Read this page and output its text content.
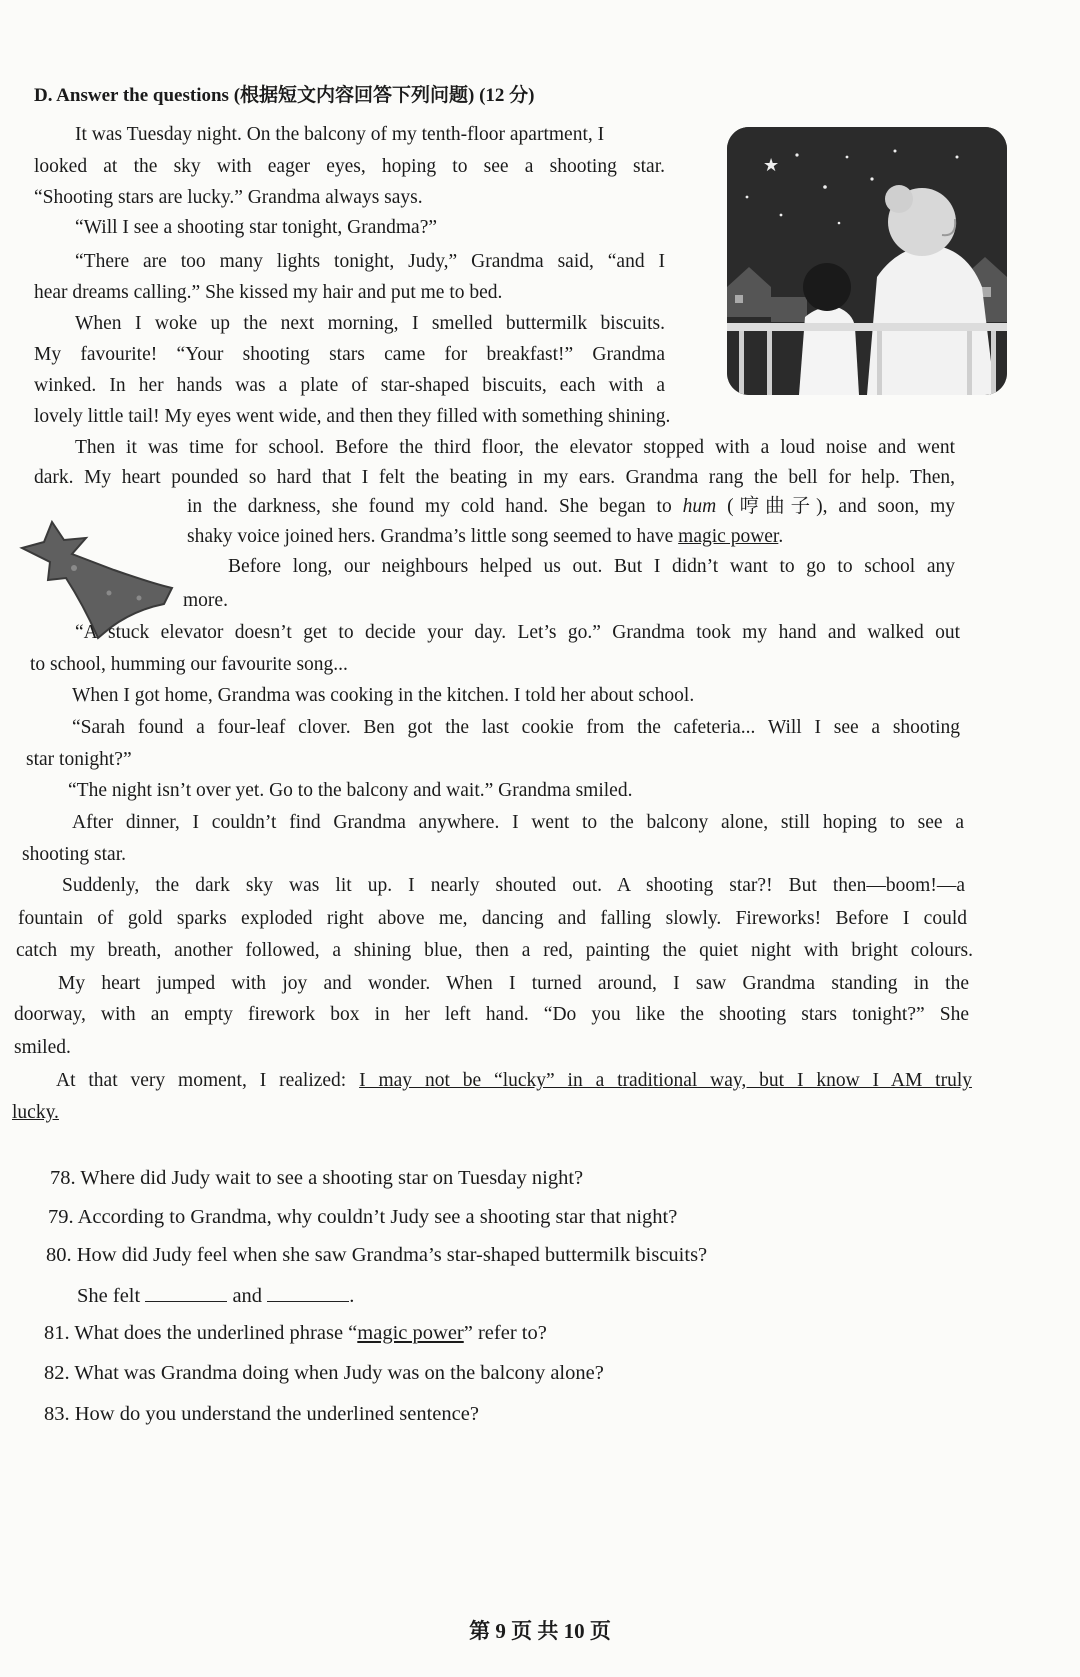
D. Answer the questions (根据短文内容回答下列问题) (12 分)
★

It was Tuesday night. On the balcony of my tenth-floor apartment, I

looked at the sky with eager eyes, hoping to see a shooting star.

“Shooting stars are lucky.” Grandma always says.

“Will I see a shooting star tonight, Grandma?”

“There are too many lights tonight, Judy,” Grandma said, “and I

hear dreams calling.” She kissed my hair and put me to bed.

When I woke up the next morning, I smelled buttermilk biscuits.

My favourite! “Your shooting stars came for breakfast!” Grandma

winked. In her hands was a plate of star-shaped biscuits, each with a

lovely little tail! My eyes went wide, and then they filled with something shining.

Then it was time for school. Before the third floor, the elevator stopped with a loud noise and went

dark. My heart pounded so hard that I felt the beating in my ears. Grandma rang the bell for help. Then,

in the darkness, she found my cold hand. She began to hum (哼曲子), and soon, my

shaky voice joined hers. Grandma’s little song seemed to have magic power.

Before long, our neighbours helped us out. But I didn’t want to go to school any

more.

“A stuck elevator doesn’t get to decide your day. Let’s go.” Grandma took my hand and walked out

to school, humming our favourite song...

When I got home, Grandma was cooking in the kitchen. I told her about school.

“Sarah found a four-leaf clover. Ben got the last cookie from the cafeteria... Will I see a shooting

star tonight?”

“The night isn’t over yet. Go to the balcony and wait.” Grandma smiled.

After dinner, I couldn’t find Grandma anywhere. I went to the balcony alone, still hoping to see a

shooting star.

Suddenly, the dark sky was lit up. I nearly shouted out. A shooting star?! But then—boom!—a

fountain of gold sparks exploded right above me, dancing and falling slowly. Fireworks! Before I could

catch my breath, another followed, a shining blue, then a red, painting the quiet night with bright colours.

My heart jumped with joy and wonder. When I turned around, I saw Grandma standing in the

doorway, with an empty firework box in her left hand. “Do you like the shooting stars tonight?” She

smiled.

At that very moment, I realized: I may not be “lucky” in a traditional way, but I know I AM truly

lucky.

78. Where did Judy wait to see a shooting star on Tuesday night?
79. According to Grandma, why couldn’t Judy see a shooting star that night?
80. How did Judy feel when she saw Grandma’s star-shaped buttermilk biscuits?
She felt	and	.
81. What does the underlined phrase “magic power” refer to?
82. What was Grandma doing when Judy was on the balcony alone?
83. How do you understand the underlined sentence?
第 9 页 共 10 页
